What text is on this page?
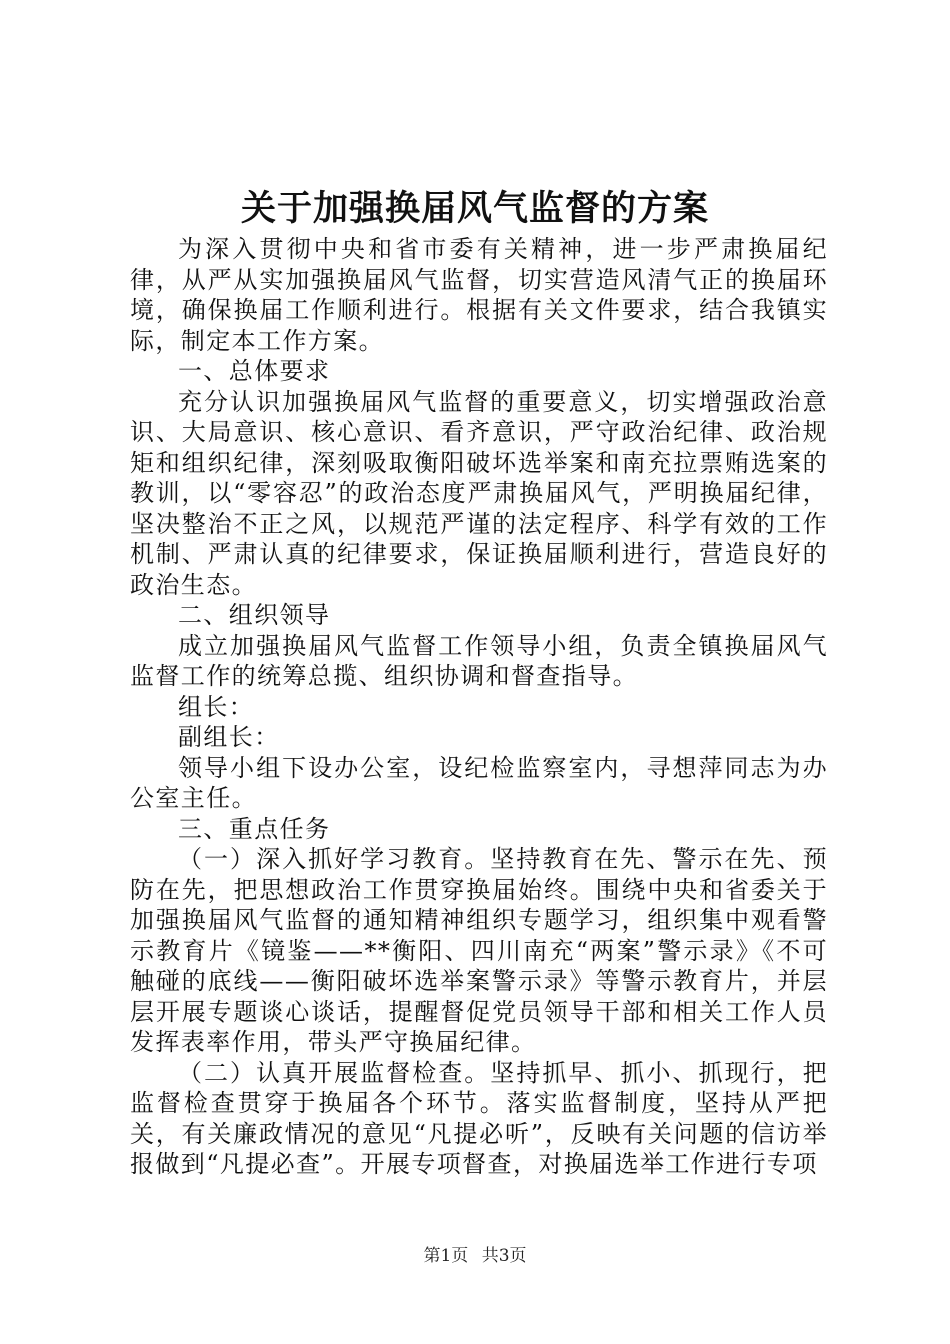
关于加强换届风气监督的方案

为深入贯彻中央和省市委有关精神，进一步严肃换届纪律，从严从实加强换届风气监督，切实营造风清气正的换届环境，确保换届工作顺利进行。根据有关文件要求，结合我镇实际，制定本工作方案。

一、总体要求

充分认识加强换届风气监督的重要意义，切实增强政治意识、大局意识、核心意识、看齐意识，严守政治纪律、政治规矩和组织纪律，深刻吸取衡阳破坏选举案和南充拉票贿选案的教训，以“零容忍”的政治态度严肃换届风气，严明换届纪律，坚决整治不正之风，以规范严谨的法定程序、科学有效的工作机制、严肃认真的纪律要求，保证换届顺利进行，营造良好的政治生态。

二、组织领导

成立加强换届风气监督工作领导小组，负责全镇换届风气监督工作的统筹总揽、组织协调和督查指导。

组长：

副组长：

领导小组下设办公室，设纪检监察室内，寻想萍同志为办公室主任。

三、重点任务

（一）深入抓好学习教育。坚持教育在先、警示在先、预防在先，把思想政治工作贯穿换届始终。围绕中央和省委关于加强换届风气监督的通知精神组织专题学习，组织集中观看警示教育片《镜鉴——**衡阳、四川南充“两案”警示录》《不可触碰的底线——衡阳破坏选举案警示录》等警示教育片，并层层开展专题谈心谈话，提醒督促党员领导干部和相关工作人员发挥表率作用，带头严守换届纪律。

（二）认真开展监督检查。坚持抓早、抓小、抓现行，把监督检查贯穿于换届各个环节。落实监督制度，坚持从严把关，有关廉政情况的意见“凡提必听”，反映有关问题的信访举报做到“凡提必查”。开展专项督查，对换届选举工作进行专项

第1页 共3页
